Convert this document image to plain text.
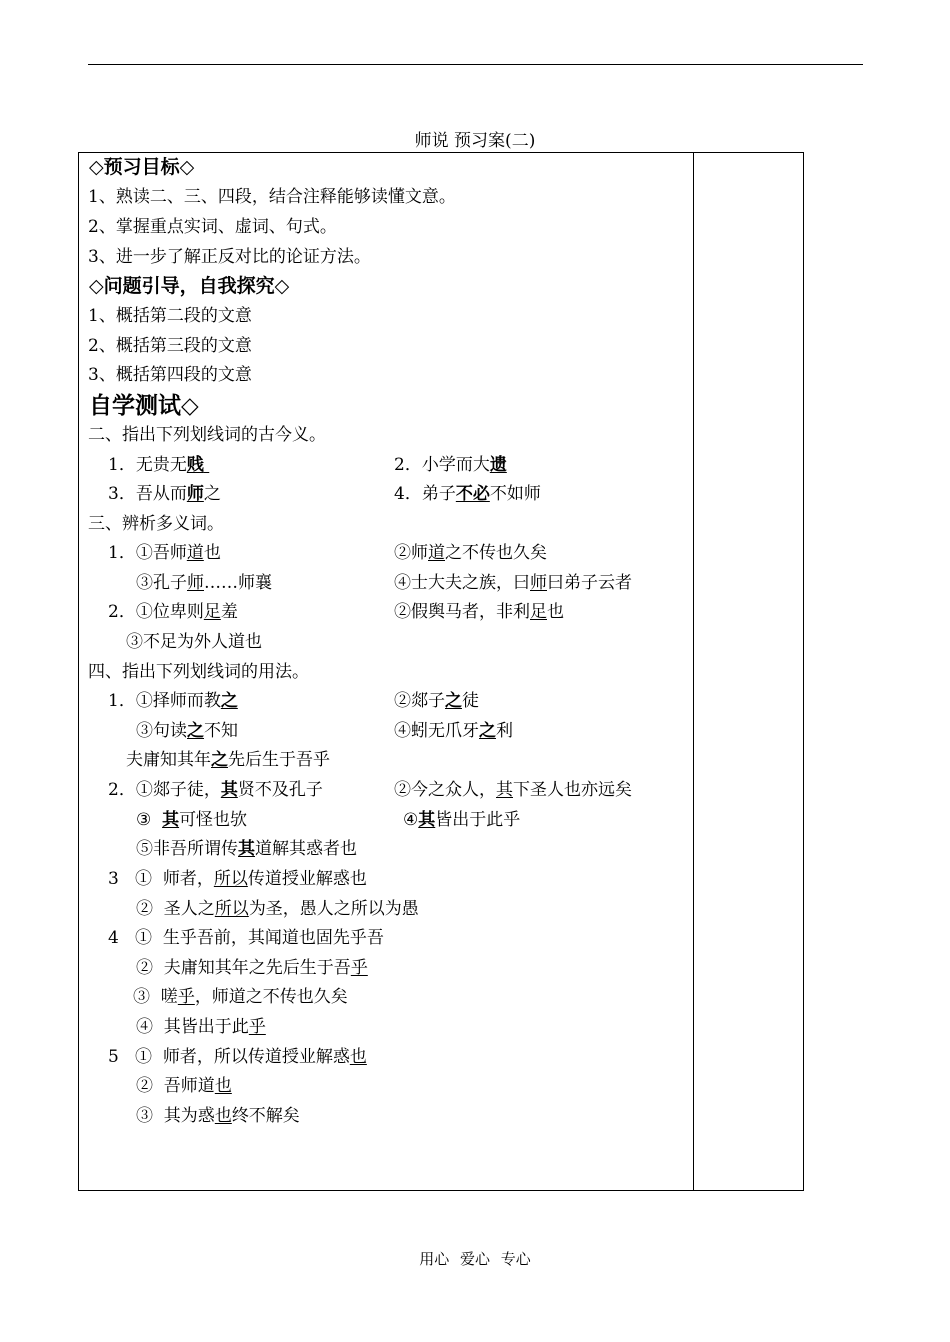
师说 预习案(二)
◇预习目标◇
1、熟读二、三、四段，结合注释能够读懂文意。
2、掌握重点实词、虚词、句式。
3、进一步了解正反对比的论证方法。
◇问题引导，自我探究◇
1、概括第二段的文意
2、概括第三段的文意
3、概括第四段的文意
自学测试◇
二、指出下列划线词的古今义。
1．无贵无贱	2．小学而大遗
3．吾从而师之	4．弟子不必不如师
三、辨析多义词。
1．①吾师道也	②师道之不传也久矣
③孔子师……师襄	④士大夫之族，曰师曰弟子云者
2．①位卑则足羞	②假舆马者，非利足也
③不足为外人道也
四、指出下列划线词的用法。
1．①择师而教之	②郯子之徒
③句读之不知	④蚓无爪牙之利
夫庸知其年之先后生于吾乎
2．①郯子徒，其贤不及孔子	②今之众人，其下圣人也亦远矣
③  其可怪也欤	④其皆出于此乎
⑤非吾所谓传其道解其惑者也
3   ①  师者，所以传道授业解惑也
②  圣人之所以为圣，愚人之所以为愚
4   ①  生乎吾前，其闻道也固先乎吾
②  夫庸知其年之先后生于吾乎
③  嗟乎，师道之不传也久矣
④  其皆出于此乎
5   ①  师者，所以传道授业解惑也
②  吾师道也
③  其为惑也终不解矣
用心 爱心 专心
